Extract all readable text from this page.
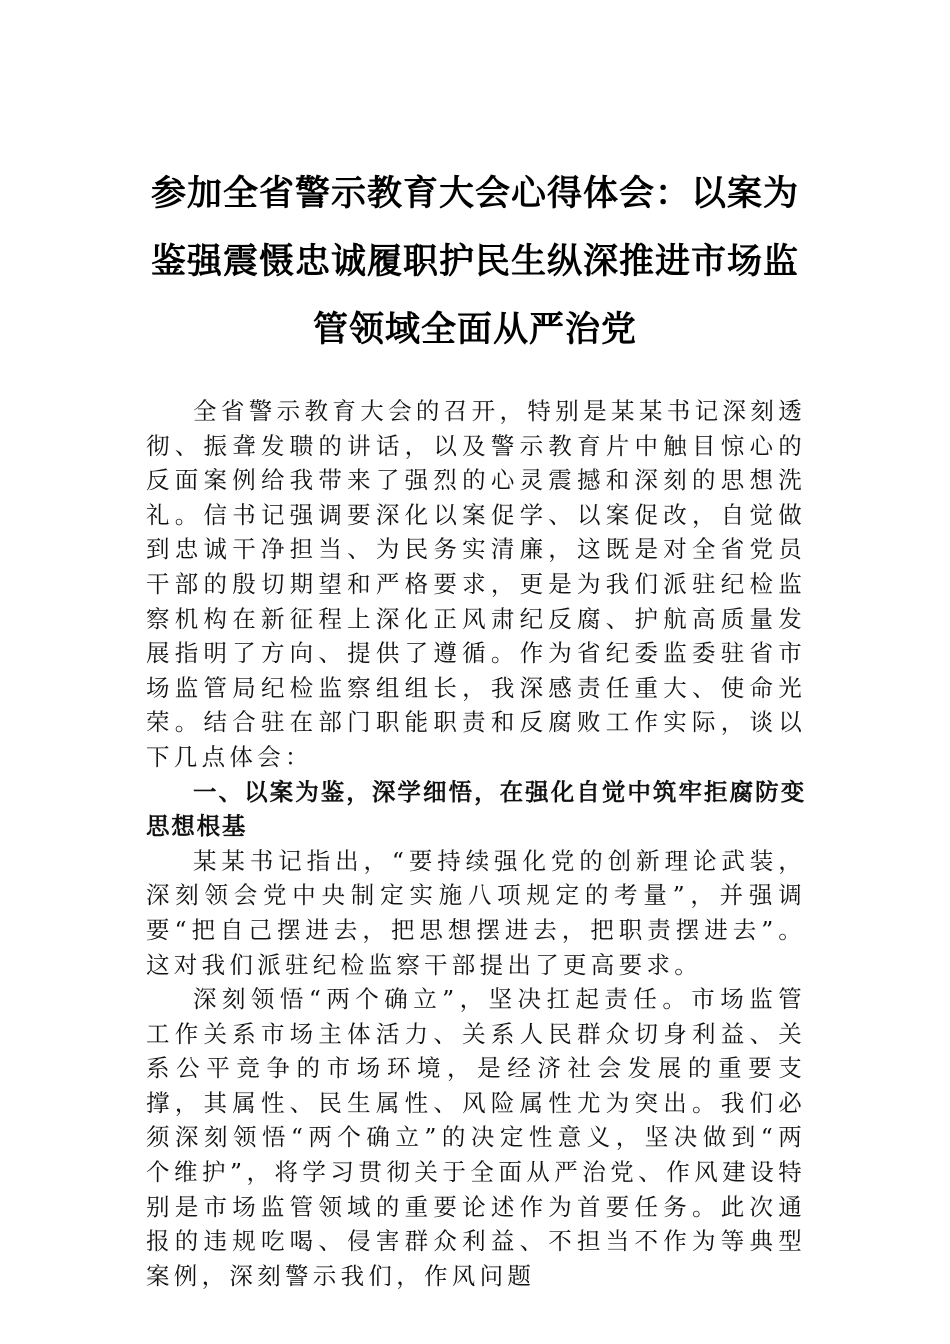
参加全省警示教育大会心得体会：以案为
鉴强震慑忠诚履职护民生纵深推进市场监
管领域全面从严治党

全省警示教育大会的召开，特别是某某书记深刻透彻、振聋发聩的讲话，以及警示教育片中触目惊心的反面案例给我带来了强烈的心灵震撼和深刻的思想洗礼。信书记强调要深化以案促学、以案促改，自觉做到忠诚干净担当、为民务实清廉，这既是对全省党员干部的殷切期望和严格要求，更是为我们派驻纪检监察机构在新征程上深化正风肃纪反腐、护航高质量发展指明了方向、提供了遵循。作为省纪委监委驻省市场监管局纪检监察组组长，我深感责任重大、使命光荣。结合驻在部门职能职责和反腐败工作实际，谈以下几点体会：

一、以案为鉴，深学细悟，在强化自觉中筑牢拒腐防变思想根基

某某书记指出，“要持续强化党的创新理论武装，深刻领会党中央制定实施八项规定的考量”，并强调要“把自己摆进去，把思想摆进去，把职责摆进去”。这对我们派驻纪检监察干部提出了更高要求。

深刻领悟“两个确立”，坚决扛起责任。市场监管工作关系市场主体活力、关系人民群众切身利益、关系公平竞争的市场环境，是经济社会发展的重要支撑，其属性、民生属性、风险属性尤为突出。我们必须深刻领悟“两个确立”的决定性意义，坚决做到“两个维护”，将学习贯彻关于全面从严治党、作风建设特别是市场监管领域的重要论述作为首要任务。此次通报的违规吃喝、侵害群众利益、不担当不作为等典型案例，深刻警示我们，作风问题
